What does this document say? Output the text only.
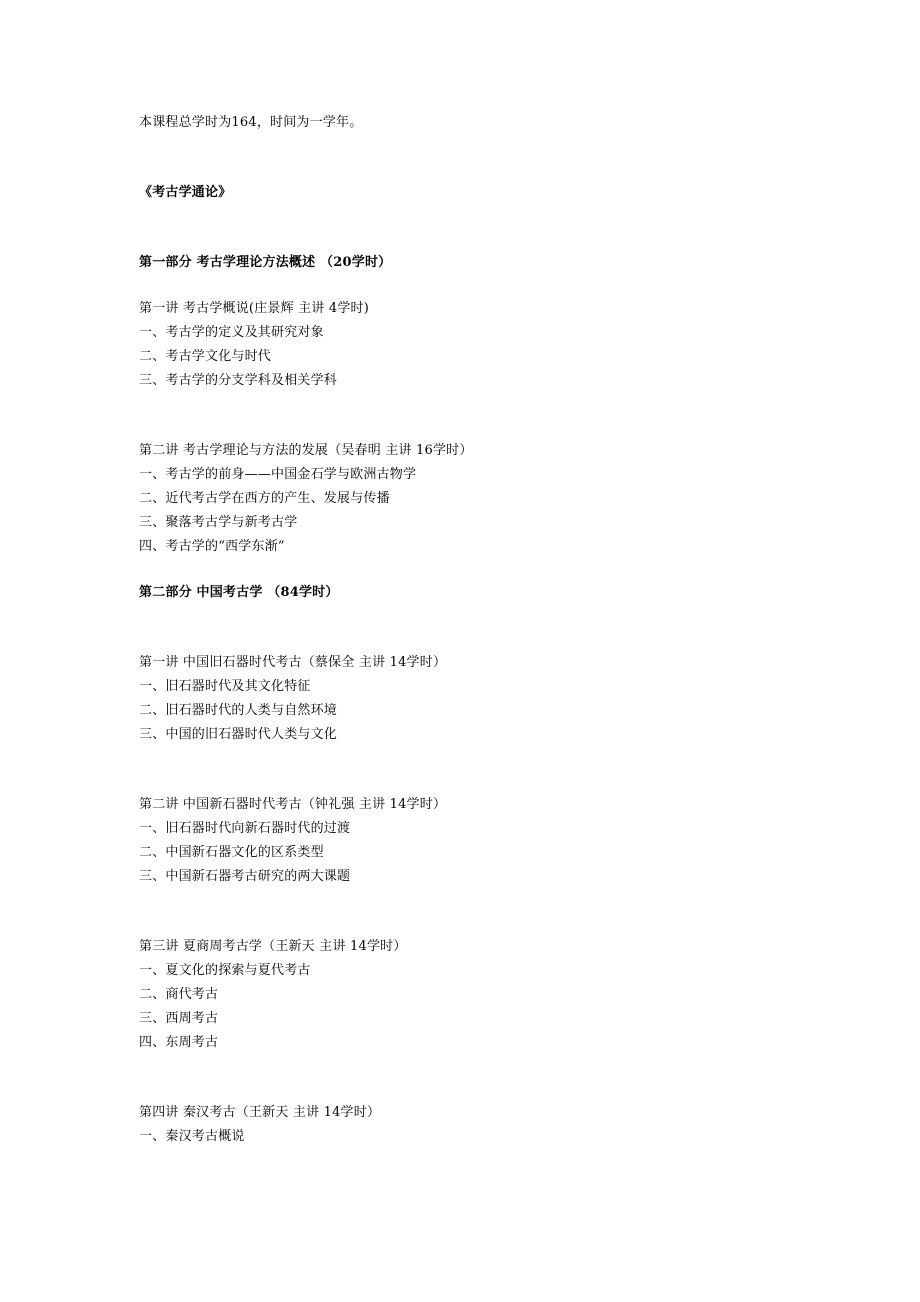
本课程总学时为164，时间为一学年。
《考古学通论》
第一部分 考古学理论方法概述 （20学时）
第一讲 考古学概说(庄景辉 主讲 4学时)
一、考古学的定义及其研究对象
二、考古学文化与时代
三、考古学的分支学科及相关学科
第二讲 考古学理论与方法的发展（吴春明 主讲 16学时）
一、考古学的前身——中国金石学与欧洲古物学
二、近代考古学在西方的产生、发展与传播
三、聚落考古学与新考古学
四、考古学的“西学东渐”
第二部分 中国考古学 （84学时）
第一讲 中国旧石器时代考古（蔡保全 主讲 14学时）
一、旧石器时代及其文化特征
二、旧石器时代的人类与自然环境
三、中国的旧石器时代人类与文化
第二讲 中国新石器时代考古（钟礼强 主讲 14学时）
一、旧石器时代向新石器时代的过渡
二、中国新石器文化的区系类型
三、中国新石器考古研究的两大课题
第三讲 夏商周考古学（王新天 主讲 14学时）
一、夏文化的探索与夏代考古
二、商代考古
三、西周考古
四、东周考古
第四讲 秦汉考古（王新天 主讲 14学时）
一、秦汉考古概说
